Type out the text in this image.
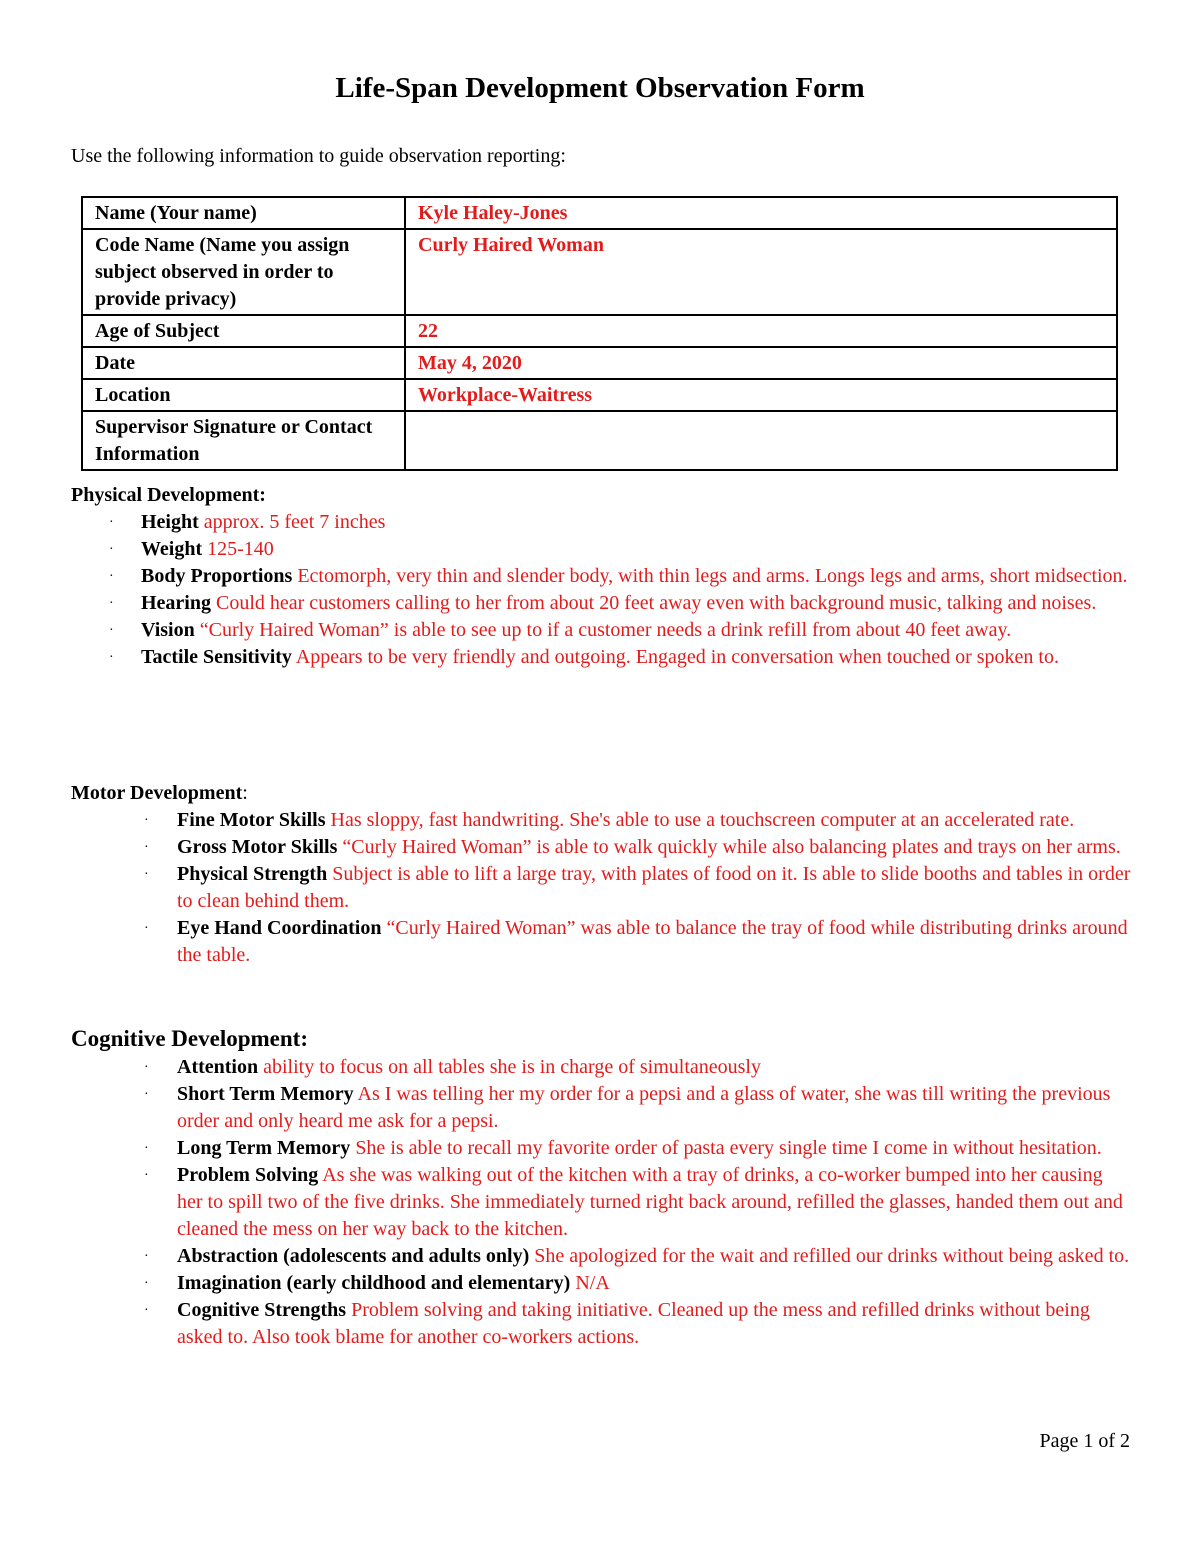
Life-Span Development Observation Form
Use the following information to guide observation reporting:
Name (Your name)	Kyle Haley-Jones
Code Name (Name you assign subject observed in order to provide privacy)	Curly Haired Woman
Age of Subject	22
Date	May 4, 2020
Location	Workplace-Waitress
Supervisor Signature or Contact Information	
Physical Development:
· Height approx. 5 feet 7 inches
· Weight 125-140
· Body Proportions Ectomorph, very thin and slender body, with thin legs and arms. Longs legs and arms, short midsection.
· Hearing Could hear customers calling to her from about 20 feet away even with background music, talking and noises.
· Vision “Curly Haired Woman” is able to see up to if a customer needs a drink refill from about 40 feet away.
· Tactile Sensitivity Appears to be very friendly and outgoing. Engaged in conversation when touched or spoken to.
Motor Development:
· Fine Motor Skills Has sloppy, fast handwriting. She's able to use a touchscreen computer at an accelerated rate.
· Gross Motor Skills “Curly Haired Woman” is able to walk quickly while also balancing plates and trays on her arms.
· Physical Strength Subject is able to lift a large tray, with plates of food on it. Is able to slide booths and tables in order to clean behind them.
· Eye Hand Coordination “Curly Haired Woman” was able to balance the tray of food while distributing drinks around the table.
Cognitive Development:
· Attention ability to focus on all tables she is in charge of simultaneously
· Short Term Memory As I was telling her my order for a pepsi and a glass of water, she was till writing the previous order and only heard me ask for a pepsi.
· Long Term Memory She is able to recall my favorite order of pasta every single time I come in without hesitation.
· Problem Solving As she was walking out of the kitchen with a tray of drinks, a co-worker bumped into her causing her to spill two of the five drinks. She immediately turned right back around, refilled the glasses, handed them out and cleaned the mess on her way back to the kitchen.
· Abstraction (adolescents and adults only) She apologized for the wait and refilled our drinks without being asked to.
· Imagination (early childhood and elementary) N/A
· Cognitive Strengths Problem solving and taking initiative. Cleaned up the mess and refilled drinks without being asked to. Also took blame for another co-workers actions.
Page 1 of 2
